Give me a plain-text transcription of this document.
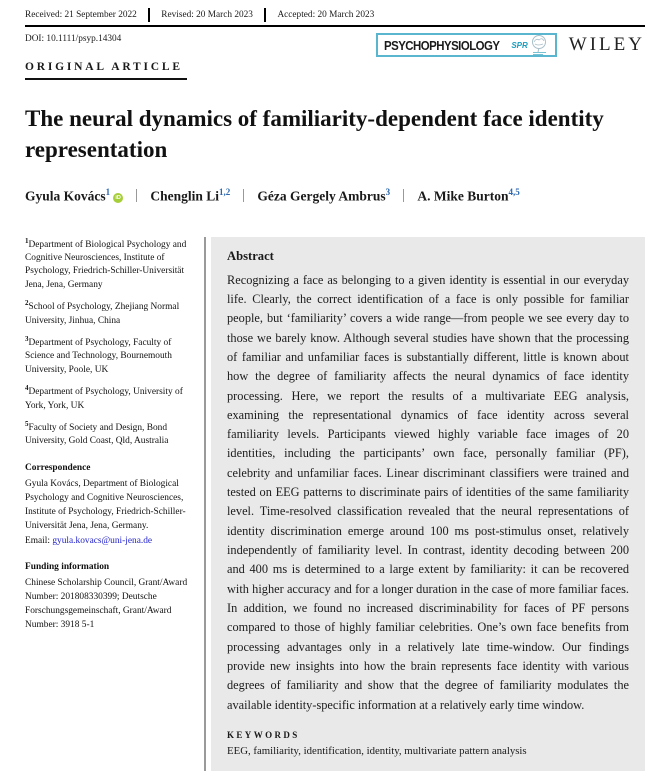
Received: 21 September 2022	Revised: 20 March 2023	Accepted: 20 March 2023
DOI: 10.1111/psyp.14304	PSYCHOPHYSIOLOGY SPR WILEY
ORIGINAL ARTICLE
The neural dynamics of familiarity-dependent face identity representation
Gyula Kovács$^1$iD Chenglin Li$^{1,2}$ Géza Gergely Ambrus$^3$ A. Mike Burton$^{4,5}$

$^1$Department of Biological Psychology and Cognitive Neurosciences, Institute of Psychology, Friedrich-Schiller-Universität Jena, Jena, Germany

$^2$School of Psychology, Zhejiang Normal University, Jinhua, China

$^3$Department of Psychology, Faculty of Science and Technology, Bournemouth University, Poole, UK

$^4$Department of Psychology, University of York, York, UK

$^5$Faculty of Society and Design, Bond University, Gold Coast, Qld, Australia

Correspondence

Gyula Kovács, Department of Biological Psychology and Cognitive Neurosciences, Institute of Psychology, Friedrich-Schiller-Universität Jena, Jena, Germany.
Email: gyula.kovacs@uni-jena.de

Funding information

Chinese Scholarship Council, Grant/Award Number: 201808330399; Deutsche Forschungsgemeinschaft, Grant/Award Number: 3918 5-1

Abstract

Recognizing a face as belonging to a given identity is essential in our everyday life. Clearly, the correct identification of a face is only possible for familiar people, but ‘familiarity’ covers a wide range—from people we see every day to those we barely know. Although several studies have shown that the processing of familiar and unfamiliar faces is substantially different, little is known about how the degree of familiarity affects the neural dynamics of face identity processing. Here, we report the results of a multivariate EEG analysis, examining the representational dynamics of face identity across several familiarity levels. Participants viewed highly variable face images of 20 identities, including the participants’ own face, personally familiar (PF), celebrity and unfamiliar faces. Linear discriminant classifiers were trained and tested on EEG patterns to discriminate pairs of identities of the same familiarity level. Time-resolved classification revealed that the neural representations of identity discrimination emerge around 100 ms post-stimulus onset, relatively independently of familiarity level. In contrast, identity decoding between 200 and 400 ms is determined to a large extent by familiarity: it can be recovered with higher accuracy and for a longer duration in the case of more familiar faces. In addition, we found no increased discriminability for faces of PF persons compared to those of highly familiar celebrities. One’s own face benefits from processing advantages only in a relatively late time-window. Our findings provide new insights into how the brain represents face identity with various degrees of familiarity and show that the degree of familiarity modulates the available identity-specific information at a relatively early time window.

KEYWORDS

EEG, familiarity, identification, identity, multivariate pattern analysis
